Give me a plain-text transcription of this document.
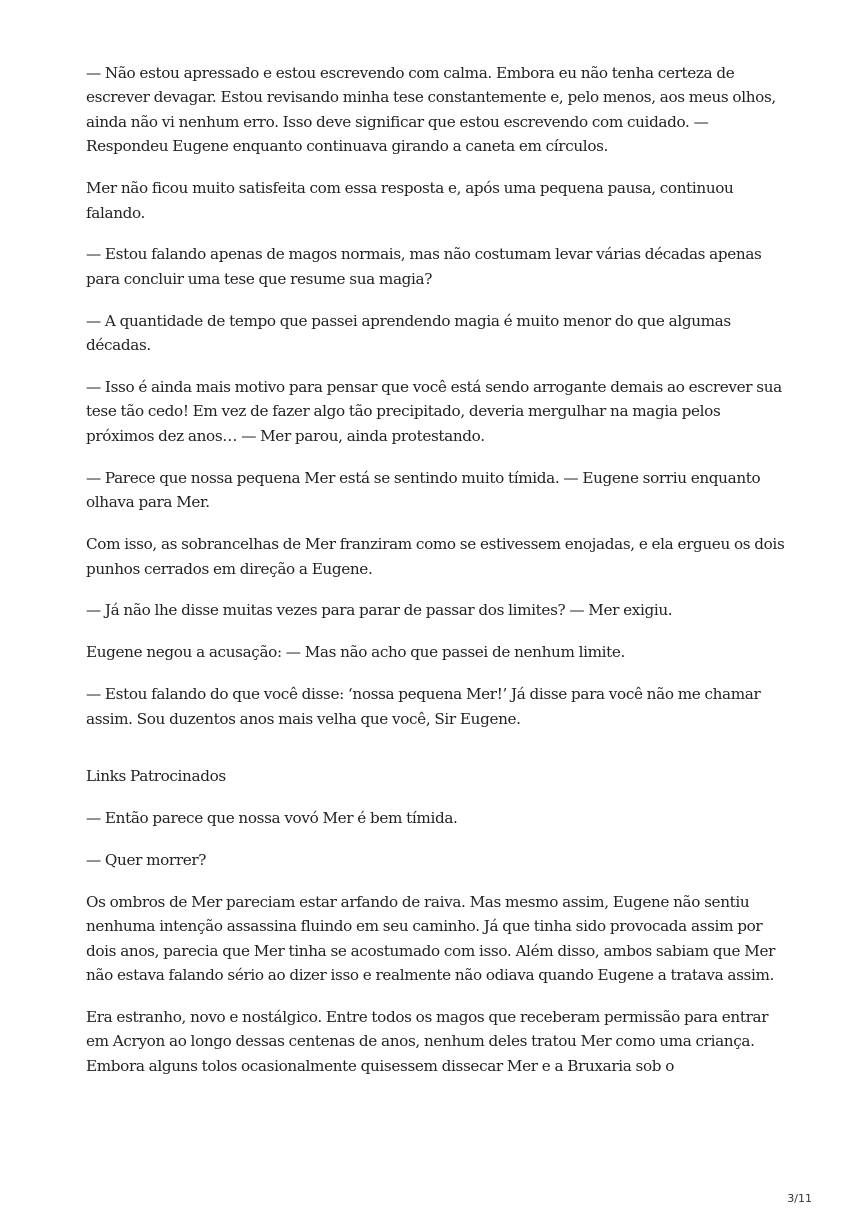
— Não estou apressado e estou escrevendo com calma. Embora eu não tenha certeza de escrever devagar. Estou revisando minha tese constantemente e, pelo menos, aos meus olhos, ainda não vi nenhum erro. Isso deve significar que estou escrevendo com cuidado. — Respondeu Eugene enquanto continuava girando a caneta em círculos.

Mer não ficou muito satisfeita com essa resposta e, após uma pequena pausa, continuou falando.

— Estou falando apenas de magos normais, mas não costumam levar várias décadas apenas para concluir uma tese que resume sua magia?

— A quantidade de tempo que passei aprendendo magia é muito menor do que algumas décadas.

— Isso é ainda mais motivo para pensar que você está sendo arrogante demais ao escrever sua tese tão cedo! Em vez de fazer algo tão precipitado, deveria mergulhar na magia pelos próximos dez anos… — Mer parou, ainda protestando.

— Parece que nossa pequena Mer está se sentindo muito tímida. — Eugene sorriu enquanto olhava para Mer.

Com isso, as sobrancelhas de Mer franziram como se estivessem enojadas, e ela ergueu os dois punhos cerrados em direção a Eugene.

— Já não lhe disse muitas vezes para parar de passar dos limites? — Mer exigiu.

Eugene negou a acusação: — Mas não acho que passei de nenhum limite.

— Estou falando do que você disse: ‘nossa pequena Mer!’ Já disse para você não me chamar assim. Sou duzentos anos mais velha que você, Sir Eugene.

Links Patrocinados

— Então parece que nossa vovó Mer é bem tímida.

— Quer morrer?

Os ombros de Mer pareciam estar arfando de raiva. Mas mesmo assim, Eugene não sentiu nenhuma intenção assassina fluindo em seu caminho. Já que tinha sido provocada assim por dois anos, parecia que Mer tinha se acostumado com isso. Além disso, ambos sabiam que Mer não estava falando sério ao dizer isso e realmente não odiava quando Eugene a tratava assim.

Era estranho, novo e nostálgico. Entre todos os magos que receberam permissão para entrar em Acryon ao longo dessas centenas de anos, nenhum deles tratou Mer como uma criança. Embora alguns tolos ocasionalmente quisessem dissecar Mer e a Bruxaria sob o

3/11
